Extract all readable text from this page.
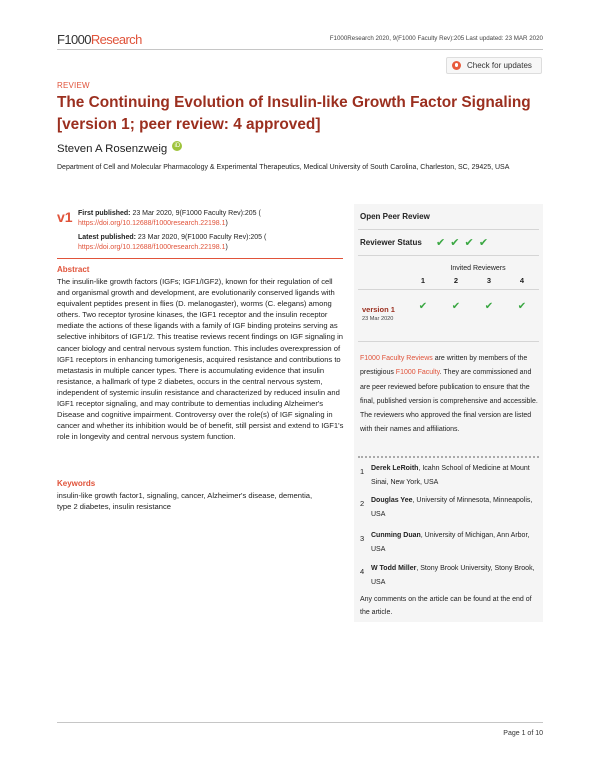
F1000Research	F1000Research 2020, 9(F1000 Faculty Rev):205 Last updated: 23 MAR 2020
Check for updates
REVIEW
The Continuing Evolution of Insulin-like Growth Factor Signaling [version 1; peer review: 4 approved]
Steven A Rosenzweig iD
Department of Cell and Molecular Pharmacology & Experimental Therapeutics, Medical University of South Carolina, Charleston, SC, 29425, USA
v1 First published: 23 Mar 2020, 9(F1000 Faculty Rev):205 (
https://doi.org/10.12688/f1000research.22198.1)
Latest published: 23 Mar 2020, 9(F1000 Faculty Rev):205 (
https://doi.org/10.12688/f1000research.22198.1)
Abstract
The insulin-like growth factors (IGFs; IGF1/IGF2), known for their regulation of cell and organismal growth and development, are evolutionarily conserved ligands with equivalent peptides present in flies (D. melanogaster), worms (C. elegans) among others. Two receptor tyrosine kinases, the IGF1 receptor and the insulin receptor mediate the actions of these ligands with a family of IGF binding proteins serving as selective inhibitors of IGF1/2. This treatise reviews recent findings on IGF signaling in cancer biology and central nervous system function. This includes overexpression of IGF1 receptors in enhancing tumorigenesis, acquired resistance and contributions to metastasis in multiple cancer types. There is accumulating evidence that insulin resistance, a hallmark of type 2 diabetes, occurs in the central nervous system, independent of systemic insulin resistance and characterized by reduced insulin and IGF1 receptor signaling, and may contribute to dementias including Alzheimer's Disease and cognitive impairment. Controversy over the role(s) of IGF signaling in cancer and whether its inhibition would be of benefit, still persist and extend to IGF1's role in longevity and central nervous system function.
Keywords
insulin-like growth factor1, signaling, cancer, Alzheimer's disease, dementia, type 2 diabetes, insulin resistance
Open Peer Review
Reviewer Status ✔ ✔ ✔ ✔
Invited Reviewers
1	2	3	4
version 1
23 Mar 2020
✔ ✔ ✔ ✔
F1000 Faculty Reviews are written by members of the prestigious F1000 Faculty. They are commissioned and are peer reviewed before publication to ensure that the final, published version is comprehensive and accessible. The reviewers who approved the final version are listed with their names and affiliations.
1 Derek LeRoith, Icahn School of Medicine at Mount Sinai, New York, USA
2 Douglas Yee, University of Minnesota, Minneapolis, USA
3 Cunming Duan, University of Michigan, Ann Arbor, USA
4 W Todd Miller, Stony Brook University, Stony Brook, USA
Any comments on the article can be found at the end of the article.
Page 1 of 10
